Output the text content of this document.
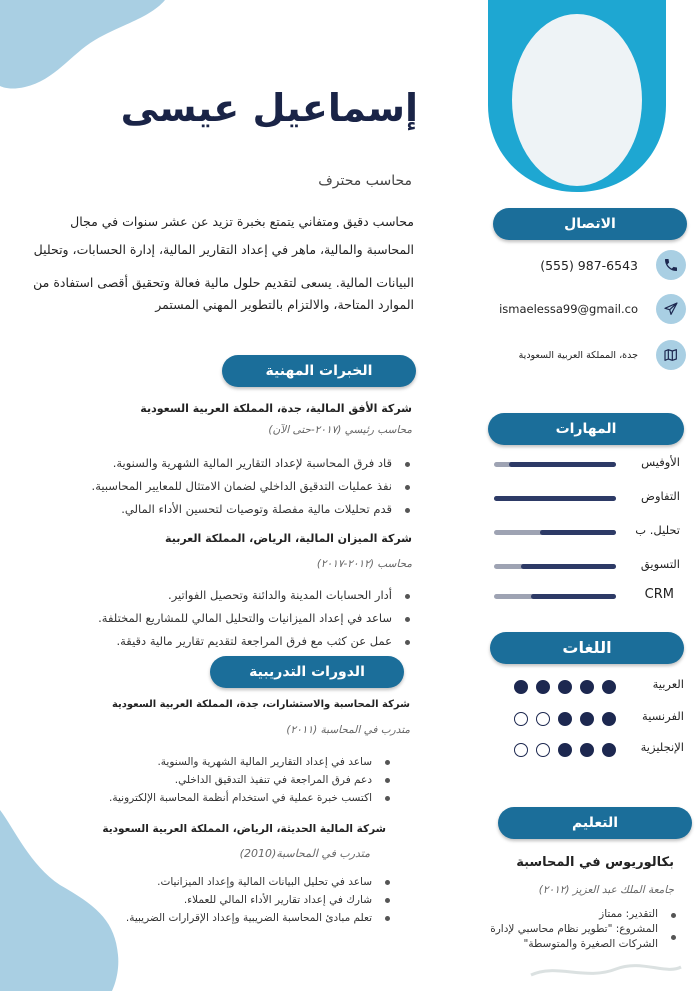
إسماعيل عيسى
محاسب محترف

محاسب دقيق ومتفاني يتمتع بخبرة تزيد عن عشر سنوات في مجال

المحاسبة والمالية، ماهر في إعداد التقارير المالية، إدارة الحسابات، وتحليل

البيانات المالية. يسعى لتقديم حلول مالية فعالة وتحقيق أقصى استفادة من

الموارد المتاحة، والالتزام بالتطوير المهني المستمر

الخبرات المهنية
شركة الأفق المالية، جدة، المملكة العربية السعودية
محاسب رئيسي (٢٠١٧-حتى الآن)
قاد فرق المحاسبة لإعداد التقارير المالية الشهرية والسنوية.
نفذ عمليات التدقيق الداخلي لضمان الامتثال للمعايير المحاسبية.
قدم تحليلات مالية مفصلة وتوصيات لتحسين الأداء المالي.
شركة الميزان المالية، الرياض، المملكة العربية
محاسب (٢٠١٢-٢٠١٧)
أدار الحسابات المدينة والدائنة وتحصيل الفواتير.
ساعد في إعداد الميزانيات والتحليل المالي للمشاريع المختلفة.
عمل عن كثب مع فرق المراجعة لتقديم تقارير مالية دقيقة.
الدورات التدريبية
شركة المحاسبة والاستشارات، جدة، المملكة العربية السعودية
متدرب في المحاسبة (٢٠١١)
ساعد في إعداد التقارير المالية الشهرية والسنوية.
دعم فرق المراجعة في تنفيذ التدقيق الداخلي.
اكتسب خبرة عملية في استخدام أنظمة المحاسبة الإلكترونية.
شركة المالية الحديثة، الرياض، المملكة العربية السعودية
متدرب في المحاسبة(2010)
ساعد في تحليل البيانات المالية وإعداد الميزانيات.
شارك في إعداد تقارير الأداء المالي للعملاء.
تعلم مبادئ المحاسبة الضريبية وإعداد الإقرارات الضريبية.
الاتصال
(555) 987-6543
ismaelessa99@gmail.co
جدة، المملكة العربية السعودية
المهارات
الأوفيس
التفاوض
تحليل. ب
التسويق
CRM
اللغات
العربية
الفرنسية
الإنجليزية
التعليم
بكالوريوس في المحاسبة
جامعة الملك عبد العزيز (٢٠١٢)
التقدير: ممتاز
المشروع: "تطوير نظام محاسبي لإدارة الشركات الصغيرة والمتوسطة"
